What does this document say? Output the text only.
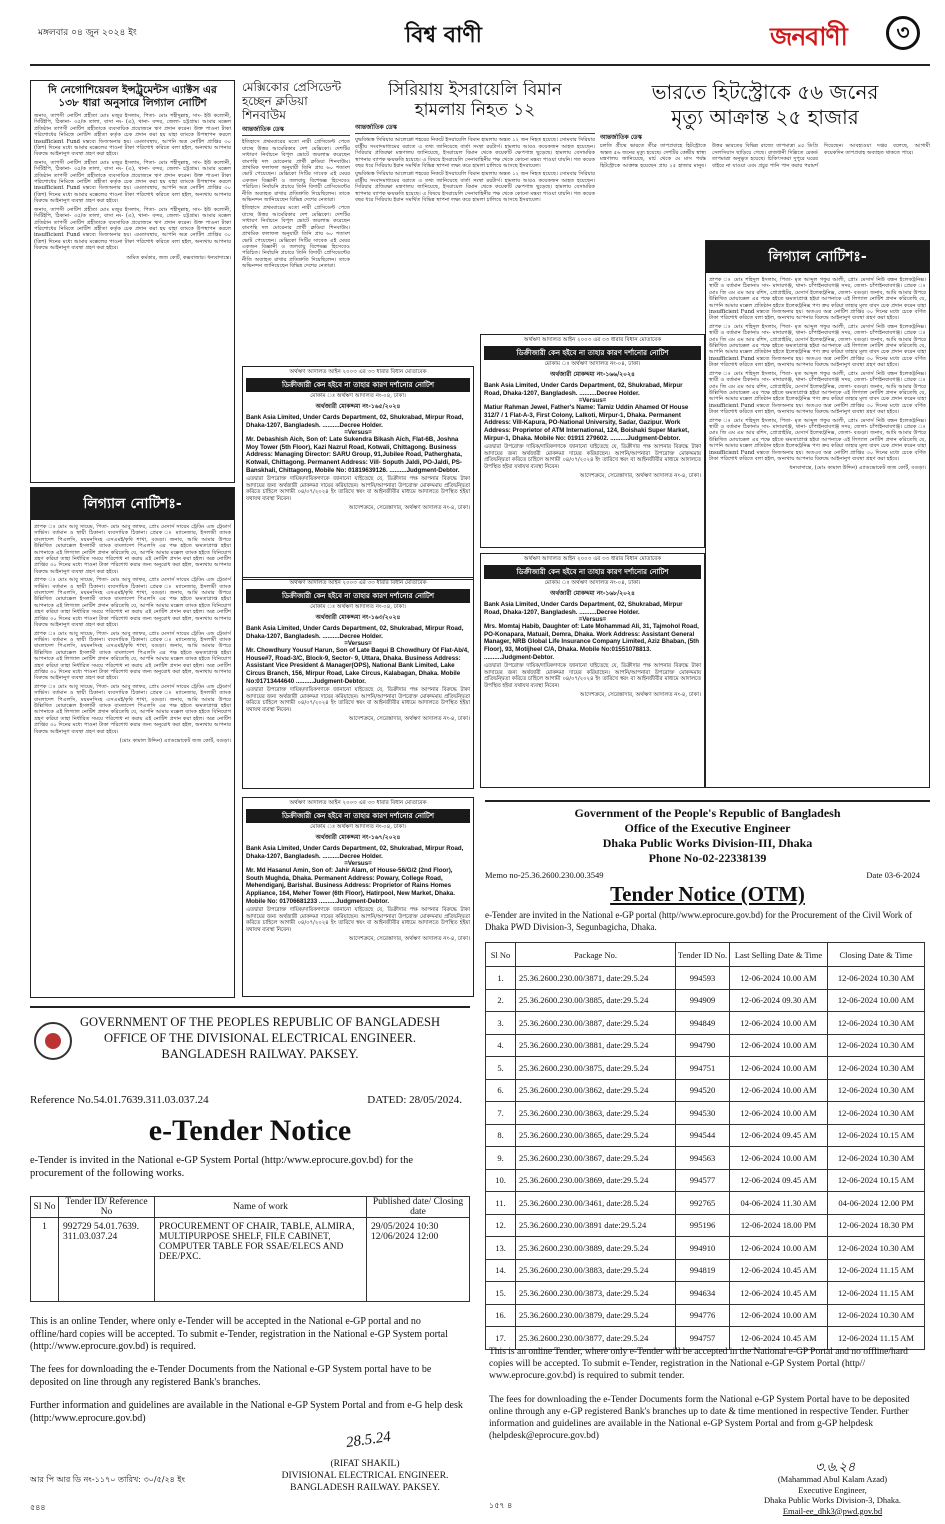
মঙ্গলবার ০৪ জুন ২০২৪ ইং	বিশ্ব বাণী	জনবাণী	৩
দি নেগোশিয়েবল ইন্সট্রুমেন্টস এ্যাক্টস এর
১৩৮ ধারা অনুসারে লিগ্যাল নোটিশ
জনাব, তাপসী নোটিশ প্রহীতা মোঃ মজুর ইসলাম, পিতা- মোঃ শহীদুল্লাহ, সাং- ইউ কলোনী, সিটিইপি, ঠিকানা- ৩৫/ক তালা, বাসা নং- (এ), থানা- বন্দর, জেলা- চট্টগ্রাম। আমার মক্কেল প্রতিষ্ঠান তাপসী নোটিশ গ্রহীতাকে ব্যবসায়িক প্রয়োজনে ঋণ প্রদান করেন। উক্ত পাওনা টাকা পরিশোধের নিমিত্তে নোটিশ গ্রহীতা কর্তৃক চেক প্রদান করা হয় যাহা ব্যাংকে উপস্থাপন করলে insufficient Fund মন্তব্যে ডিজঅনার হয়। এমতাবস্থায়, আপনি অত্র নোটিশ প্রাপ্তির ৩০ (ত্রিশ) দিনের মধ্যে আমার মক্কেলের পাওনা টাকা পরিশোধ করিতে বলা হইল, অন্যথায় আপনার বিরুদ্ধে আইনানুগ ব্যবস্থা গ্রহণ করা হইবে।
জনাব, তাপসী নোটিশ প্রহীতা মোঃ মজুর ইসলাম, পিতা- মোঃ শহীদুল্লাহ, সাং- ইউ কলোনী, সিটিইপি, ঠিকানা- ৩৫/ক তালা, বাসা নং- (এ), থানা- বন্দর, জেলা- চট্টগ্রাম। আমার মক্কেল প্রতিষ্ঠান তাপসী নোটিশ গ্রহীতাকে ব্যবসায়িক প্রয়োজনে ঋণ প্রদান করেন। উক্ত পাওনা টাকা পরিশোধের নিমিত্তে নোটিশ গ্রহীতা কর্তৃক চেক প্রদান করা হয় যাহা ব্যাংকে উপস্থাপন করলে insufficient Fund মন্তব্যে ডিজঅনার হয়। এমতাবস্থায়, আপনি অত্র নোটিশ প্রাপ্তির ৩০ (ত্রিশ) দিনের মধ্যে আমার মক্কেলের পাওনা টাকা পরিশোধ করিতে বলা হইল, অন্যথায় আপনার বিরুদ্ধে আইনানুগ ব্যবস্থা গ্রহণ করা হইবে।
জনাব, তাপসী নোটিশ প্রহীতা মোঃ মজুর ইসলাম, পিতা- মোঃ শহীদুল্লাহ, সাং- ইউ কলোনী, সিটিইপি, ঠিকানা- ৩৫/ক তালা, বাসা নং- (এ), থানা- বন্দর, জেলা- চট্টগ্রাম। আমার মক্কেল প্রতিষ্ঠান তাপসী নোটিশ গ্রহীতাকে ব্যবসায়িক প্রয়োজনে ঋণ প্রদান করেন। উক্ত পাওনা টাকা পরিশোধের নিমিত্তে নোটিশ গ্রহীতা কর্তৃক চেক প্রদান করা হয় যাহা ব্যাংকে উপস্থাপন করলে insufficient Fund মন্তব্যে ডিজঅনার হয়। এমতাবস্থায়, আপনি অত্র নোটিশ প্রাপ্তির ৩০ (ত্রিশ) দিনের মধ্যে আমার মক্কেলের পাওনা টাকা পরিশোধ করিতে বলা হইল, অন্যথায় আপনার বিরুদ্ধে আইনানুগ ব্যবস্থা গ্রহণ করা হইবে।
অমিত কর্মকার, জজ কোর্ট, কক্সবাজার। ধন্যবাদান্তে।
লিগ্যাল নোটিশঃ-
প্রাপক ঃ মোঃ আবু সায়েম, পিতা- মোঃ আবু জাফর, প্রোঃ মেসার্স সায়েম ট্রেডিং এন্ড ট্রেডার্স সার্ভিস। বর্তমান ও স্থায়ী ঠিকানা। ব্যবসায়িক ঠিকানা। প্রেরক ঃ ম্যানেজার, ইসলামী ব্যাংক বাংলাদেশ পিএলসি, ময়মনসিংহ এসএমই/কৃষি শাখা, বগুড়া। জনাব, আমি আমার উপরে উল্লিখিত মোয়াক্কেল ইসলামী ব্যাংক বাংলাদেশ পিএলসি এর পক্ষ হইতে ক্ষমতাপ্রাপ্ত হইয়া আপনাকে এই লিগ্যাল নোটিশ প্রদান করিতেছি যে, আপনি আমার মক্কেল ব্যাংক হইতে বিনিয়োগ গ্রহণ করিয়া তাহা নির্ধারিত সময়ে পরিশোধ না করায় এই নোটিশ প্রদান করা হইল। অত্র নোটিশ প্রাপ্তির ৩০ দিনের মধ্যে পাওনা টাকা পরিশোধ করার জন্য অনুরোধ করা হইল, অন্যথায় আপনার বিরুদ্ধে আইনানুগ ব্যবস্থা গ্রহণ করা হইবে।
প্রাপক ঃ মোঃ আবু সায়েম, পিতা- মোঃ আবু জাফর, প্রোঃ মেসার্স সায়েম ট্রেডিং এন্ড ট্রেডার্স সার্ভিস। বর্তমান ও স্থায়ী ঠিকানা। ব্যবসায়িক ঠিকানা। প্রেরক ঃ ম্যানেজার, ইসলামী ব্যাংক বাংলাদেশ পিএলসি, ময়মনসিংহ এসএমই/কৃষি শাখা, বগুড়া। জনাব, আমি আমার উপরে উল্লিখিত মোয়াক্কেল ইসলামী ব্যাংক বাংলাদেশ পিএলসি এর পক্ষ হইতে ক্ষমতাপ্রাপ্ত হইয়া আপনাকে এই লিগ্যাল নোটিশ প্রদান করিতেছি যে, আপনি আমার মক্কেল ব্যাংক হইতে বিনিয়োগ গ্রহণ করিয়া তাহা নির্ধারিত সময়ে পরিশোধ না করায় এই নোটিশ প্রদান করা হইল। অত্র নোটিশ প্রাপ্তির ৩০ দিনের মধ্যে পাওনা টাকা পরিশোধ করার জন্য অনুরোধ করা হইল, অন্যথায় আপনার বিরুদ্ধে আইনানুগ ব্যবস্থা গ্রহণ করা হইবে।
প্রাপক ঃ মোঃ আবু সায়েম, পিতা- মোঃ আবু জাফর, প্রোঃ মেসার্স সায়েম ট্রেডিং এন্ড ট্রেডার্স সার্ভিস। বর্তমান ও স্থায়ী ঠিকানা। ব্যবসায়িক ঠিকানা। প্রেরক ঃ ম্যানেজার, ইসলামী ব্যাংক বাংলাদেশ পিএলসি, ময়মনসিংহ এসএমই/কৃষি শাখা, বগুড়া। জনাব, আমি আমার উপরে উল্লিখিত মোয়াক্কেল ইসলামী ব্যাংক বাংলাদেশ পিএলসি এর পক্ষ হইতে ক্ষমতাপ্রাপ্ত হইয়া আপনাকে এই লিগ্যাল নোটিশ প্রদান করিতেছি যে, আপনি আমার মক্কেল ব্যাংক হইতে বিনিয়োগ গ্রহণ করিয়া তাহা নির্ধারিত সময়ে পরিশোধ না করায় এই নোটিশ প্রদান করা হইল। অত্র নোটিশ প্রাপ্তির ৩০ দিনের মধ্যে পাওনা টাকা পরিশোধ করার জন্য অনুরোধ করা হইল, অন্যথায় আপনার বিরুদ্ধে আইনানুগ ব্যবস্থা গ্রহণ করা হইবে।
প্রাপক ঃ মোঃ আবু সায়েম, পিতা- মোঃ আবু জাফর, প্রোঃ মেসার্স সায়েম ট্রেডিং এন্ড ট্রেডার্স সার্ভিস। বর্তমান ও স্থায়ী ঠিকানা। ব্যবসায়িক ঠিকানা। প্রেরক ঃ ম্যানেজার, ইসলামী ব্যাংক বাংলাদেশ পিএলসি, ময়মনসিংহ এসএমই/কৃষি শাখা, বগুড়া। জনাব, আমি আমার উপরে উল্লিখিত মোয়াক্কেল ইসলামী ব্যাংক বাংলাদেশ পিএলসি এর পক্ষ হইতে ক্ষমতাপ্রাপ্ত হইয়া আপনাকে এই লিগ্যাল নোটিশ প্রদান করিতেছি যে, আপনি আমার মক্কেল ব্যাংক হইতে বিনিয়োগ গ্রহণ করিয়া তাহা নির্ধারিত সময়ে পরিশোধ না করায় এই নোটিশ প্রদান করা হইল। অত্র নোটিশ প্রাপ্তির ৩০ দিনের মধ্যে পাওনা টাকা পরিশোধ করার জন্য অনুরোধ করা হইল, অন্যথায় আপনার বিরুদ্ধে আইনানুগ ব্যবস্থা গ্রহণ করা হইবে।
(মোঃ কামাল উদ্দিন) এ্যাডভোকেট জজ কোর্ট, বগুড়া।
মেক্সিকোর প্রেসিডেন্ট হচ্ছেন ক্লডিয়া শিনবাউম
আন্তর্জাতিক ডেস্ক
ইতিহাসে প্রথমবারের মতো নারী প্রেসিডেন্ট পেতে যাচ্ছে উত্তর আমেরিকার দেশ মেক্সিকো। দেশটির সাধারণ নির্বাচনে বিপুল ভোটে জয়লাভ করেছেন বামপন্থি দল মোরেনার প্রার্থী ক্লডিয়া শিনবাউম। প্রাথমিক ফলাফল অনুযায়ী তিনি প্রায় ৬০ শতাংশ ভোট পেয়েছেন। মেক্সিকো সিটির সাবেক এই মেয়র একজন বিজ্ঞানী ও জলবায়ু বিশেষজ্ঞ হিসেবেও পরিচিত। নির্বাচনি প্রচারে তিনি বিদায়ী প্রেসিডেন্টের নীতি অব্যাহত রাখার প্রতিশ্রুতি দিয়েছিলেন। তাকে অভিনন্দন জানিয়েছেন বিভিন্ন দেশের নেতারা।
ইতিহাসে প্রথমবারের মতো নারী প্রেসিডেন্ট পেতে যাচ্ছে উত্তর আমেরিকার দেশ মেক্সিকো। দেশটির সাধারণ নির্বাচনে বিপুল ভোটে জয়লাভ করেছেন বামপন্থি দল মোরেনার প্রার্থী ক্লডিয়া শিনবাউম। প্রাথমিক ফলাফল অনুযায়ী তিনি প্রায় ৬০ শতাংশ ভোট পেয়েছেন। মেক্সিকো সিটির সাবেক এই মেয়র একজন বিজ্ঞানী ও জলবায়ু বিশেষজ্ঞ হিসেবেও পরিচিত। নির্বাচনি প্রচারে তিনি বিদায়ী প্রেসিডেন্টের নীতি অব্যাহত রাখার প্রতিশ্রুতি দিয়েছিলেন। তাকে অভিনন্দন জানিয়েছেন বিভিন্ন দেশের নেতারা।
সিরিয়ায় ইসরায়েলি বিমান
হামলায় নিহত ১২
আন্তর্জাতিক ডেস্ক
যুদ্ধবিধ্বস্ত সিরিয়ার আলেপ্পো শহরের নিকটে ইসরায়েলি বিমান হামলায় অন্তত ১২ জন নিহত হয়েছে। সোমবার সিরিয়ার রাষ্ট্রীয় সংবাদমাধ্যমের বরাতে এ তথ্য জানিয়েছে বার্তা সংস্থা রয়টার্স। হামলায় আরও কয়েকজন আহত হয়েছেন। সিরিয়ার প্রতিরক্ষা মন্ত্রণালয় জানিয়েছে, ইসরায়েল বিমান থেকে কয়েকটি ক্ষেপণাস্ত্র ছুড়েছে। হামলায় বেসামরিক স্থাপনার ব্যাপক ক্ষয়ক্ষতি হয়েছে। এ বিষয়ে ইসরায়েলি সেনাবাহিনীর পক্ষ থেকে কোনো মন্তব্য পাওয়া যায়নি। গত কয়েক বছর ধরে সিরিয়ায় ইরান সমর্থিত বিভিন্ন স্থাপনা লক্ষ্য করে হামলা চালিয়ে আসছে ইসরায়েল।
যুদ্ধবিধ্বস্ত সিরিয়ার আলেপ্পো শহরের নিকটে ইসরায়েলি বিমান হামলায় অন্তত ১২ জন নিহত হয়েছে। সোমবার সিরিয়ার রাষ্ট্রীয় সংবাদমাধ্যমের বরাতে এ তথ্য জানিয়েছে বার্তা সংস্থা রয়টার্স। হামলায় আরও কয়েকজন আহত হয়েছেন। সিরিয়ার প্রতিরক্ষা মন্ত্রণালয় জানিয়েছে, ইসরায়েল বিমান থেকে কয়েকটি ক্ষেপণাস্ত্র ছুড়েছে। হামলায় বেসামরিক স্থাপনার ব্যাপক ক্ষয়ক্ষতি হয়েছে। এ বিষয়ে ইসরায়েলি সেনাবাহিনীর পক্ষ থেকে কোনো মন্তব্য পাওয়া যায়নি। গত কয়েক বছর ধরে সিরিয়ায় ইরান সমর্থিত বিভিন্ন স্থাপনা লক্ষ্য করে হামলা চালিয়ে আসছে ইসরায়েল।
ভারতে হিটস্ট্রোকে ৫৬ জনের
মৃত্যু আক্রান্ত ২৫ হাজার
আন্তর্জাতিক ডেস্ক
চলতি গ্রীষ্মে ভারতে তীব্র তাপপ্রবাহে হিটস্ট্রোকে অন্তত ৫৬ জনের মৃত্যু হয়েছে। দেশটির কেন্দ্রীয় স্বাস্থ্য মন্ত্রণালয় জানিয়েছে, মার্চ থেকে মে মাস পর্যন্ত হিটস্ট্রোকে আক্রান্ত হয়েছেন প্রায় ২৫ হাজার মানুষ। উত্তর ভারতের বিভিন্ন রাজ্যে তাপমাত্রা ৪৫ ডিগ্রি সেলসিয়াস ছাড়িয়ে গেছে। রাজধানী দিল্লিতে রেকর্ড তাপমাত্রা অনুভূত হয়েছে। চিকিৎসকরা দুপুরে ঘরের বাইরে না যাওয়া এবং প্রচুর পানি পান করার পরামর্শ দিয়েছেন। আবহাওয়া দপ্তর বলেছে, আগামী কয়েকদিন তাপপ্রবাহ অব্যাহত থাকতে পারে।
লিগ্যাল নোটিশঃ-
প্রাপক ঃ মোঃ শহিদুল ইসলাম, পিতা- মৃত আব্দুল গফুর আলী, প্রোঃ মেসার্স নিউ বন্ধন ইলেকট্রনিক্স। স্থায়ী ও বর্তমান ঠিকানাঃ সাং- মাদারগঞ্জ, থানা- চাঁপাইনবাবগঞ্জ সদর, জেলা- চাঁপাইনবাবগঞ্জ। প্রেরক ঃ মোঃ জি এম এম আর রশিদ, প্রোপ্রাইটর, মেসার্স ইলেকট্রনিক্স, জেলা- বগুড়া। জনাব, আমি আমার উপরে উল্লিখিত মোয়াক্কেল এর পক্ষে হইতে ক্ষমতাপ্রাপ্ত হইয়া আপনাকে এই লিগ্যাল নোটিশ প্রদান করিতেছি যে, আপনি আমার মক্কেল প্রতিষ্ঠান হইতে ইলেকট্রনিক্স পণ্য ক্রয় করিয়া তাহার মূল্য বাবদ চেক প্রদান করেন যাহা insufficient Fund মন্তব্যে ডিজঅনার হয়। অতএব অত্র নোটিশ প্রাপ্তির ৩০ দিনের মধ্যে চেকে বর্ণিত টাকা পরিশোধ করিতে বলা হইল, অন্যথায় আপনার বিরুদ্ধে আইনানুগ ব্যবস্থা গ্রহণ করা হইবে।
প্রাপক ঃ মোঃ শহিদুল ইসলাম, পিতা- মৃত আব্দুল গফুর আলী, প্রোঃ মেসার্স নিউ বন্ধন ইলেকট্রনিক্স। স্থায়ী ও বর্তমান ঠিকানাঃ সাং- মাদারগঞ্জ, থানা- চাঁপাইনবাবগঞ্জ সদর, জেলা- চাঁপাইনবাবগঞ্জ। প্রেরক ঃ মোঃ জি এম এম আর রশিদ, প্রোপ্রাইটর, মেসার্স ইলেকট্রনিক্স, জেলা- বগুড়া। জনাব, আমি আমার উপরে উল্লিখিত মোয়াক্কেল এর পক্ষে হইতে ক্ষমতাপ্রাপ্ত হইয়া আপনাকে এই লিগ্যাল নোটিশ প্রদান করিতেছি যে, আপনি আমার মক্কেল প্রতিষ্ঠান হইতে ইলেকট্রনিক্স পণ্য ক্রয় করিয়া তাহার মূল্য বাবদ চেক প্রদান করেন যাহা insufficient Fund মন্তব্যে ডিজঅনার হয়। অতএব অত্র নোটিশ প্রাপ্তির ৩০ দিনের মধ্যে চেকে বর্ণিত টাকা পরিশোধ করিতে বলা হইল, অন্যথায় আপনার বিরুদ্ধে আইনানুগ ব্যবস্থা গ্রহণ করা হইবে।
প্রাপক ঃ মোঃ শহিদুল ইসলাম, পিতা- মৃত আব্দুল গফুর আলী, প্রোঃ মেসার্স নিউ বন্ধন ইলেকট্রনিক্স। স্থায়ী ও বর্তমান ঠিকানাঃ সাং- মাদারগঞ্জ, থানা- চাঁপাইনবাবগঞ্জ সদর, জেলা- চাঁপাইনবাবগঞ্জ। প্রেরক ঃ মোঃ জি এম এম আর রশিদ, প্রোপ্রাইটর, মেসার্স ইলেকট্রনিক্স, জেলা- বগুড়া। জনাব, আমি আমার উপরে উল্লিখিত মোয়াক্কেল এর পক্ষে হইতে ক্ষমতাপ্রাপ্ত হইয়া আপনাকে এই লিগ্যাল নোটিশ প্রদান করিতেছি যে, আপনি আমার মক্কেল প্রতিষ্ঠান হইতে ইলেকট্রনিক্স পণ্য ক্রয় করিয়া তাহার মূল্য বাবদ চেক প্রদান করেন যাহা insufficient Fund মন্তব্যে ডিজঅনার হয়। অতএব অত্র নোটিশ প্রাপ্তির ৩০ দিনের মধ্যে চেকে বর্ণিত টাকা পরিশোধ করিতে বলা হইল, অন্যথায় আপনার বিরুদ্ধে আইনানুগ ব্যবস্থা গ্রহণ করা হইবে।
প্রাপক ঃ মোঃ শহিদুল ইসলাম, পিতা- মৃত আব্দুল গফুর আলী, প্রোঃ মেসার্স নিউ বন্ধন ইলেকট্রনিক্স। স্থায়ী ও বর্তমান ঠিকানাঃ সাং- মাদারগঞ্জ, থানা- চাঁপাইনবাবগঞ্জ সদর, জেলা- চাঁপাইনবাবগঞ্জ। প্রেরক ঃ মোঃ জি এম এম আর রশিদ, প্রোপ্রাইটর, মেসার্স ইলেকট্রনিক্স, জেলা- বগুড়া। জনাব, আমি আমার উপরে উল্লিখিত মোয়াক্কেল এর পক্ষে হইতে ক্ষমতাপ্রাপ্ত হইয়া আপনাকে এই লিগ্যাল নোটিশ প্রদান করিতেছি যে, আপনি আমার মক্কেল প্রতিষ্ঠান হইতে ইলেকট্রনিক্স পণ্য ক্রয় করিয়া তাহার মূল্য বাবদ চেক প্রদান করেন যাহা insufficient Fund মন্তব্যে ডিজঅনার হয়। অতএব অত্র নোটিশ প্রাপ্তির ৩০ দিনের মধ্যে চেকে বর্ণিত টাকা পরিশোধ করিতে বলা হইল, অন্যথায় আপনার বিরুদ্ধে আইনানুগ ব্যবস্থা গ্রহণ করা হইবে।
ধন্যবাদান্তে, (মোঃ কামাল উদ্দিন) এ্যাডভোকেট জজ কোর্ট, বগুড়া।
অর্থঋণ আদালত আইন ২০০৩ এর ৩৩ ধারার বিধান মোতাবেক
ডিক্রীজারী কেন হইবে না তাহার কারণ দর্শানোর নোটিশ
মোকাম ঃ অর্থঋণ আদালত নং-০৪, ঢাকা।
অর্থজারী মোকদ্দমা নং-১৬৫/২০২৪
Bank Asia Limited, Under Cards Department, 02, Shukrabad, Mirpur Road, Dhaka-1207, Bangladesh. ..........Decree Holder.
=Versus=
Mr. Debashish Aich, Son of: Late Sukendra Bikash Aich, Flat-6B, Joshna Moy Tower (5th Floor), Kazi Nazrul Road, Kotwali, Chittagong. Business Address: Managing Director: SARU Group, 91,Jubilee Road, Patherghata, Kotwali, Chittagong. Permanent Address: Vill- Soputh Jaldi, PO-Jaldi, PS-Banskhali, Chittagong, Mobile No: 01819639126. ..........Judgment-Debtor.
এতদ্বারা উপরোক্ত দায়িক/দায়িকগণকে জানানো যাইতেছে যে, ডিক্রীদার পক্ষ আপনার বিরুদ্ধে টাকা আদায়ের জন্য অর্থজারী মোকদ্দমা দায়ের করিয়াছেন। আপনি/আপনারা উপরোক্ত মোকদ্দমায় প্রতিদ্বন্দ্বিতা করিতে চাহিলে আগামী ০৪/০৭/২০২৪ ইং তারিখে স্বয়ং বা আইনজীবীর মাধ্যমে আদালতে উপস্থিত হইয়া যথাযথ ব্যবস্থা নিবেন।
আদেশক্রমে, সেরেস্তাদার, অর্থঋণ আদালত নং-৪, ঢাকা।
অর্থঋণ আদালত আইন ২০০৩ এর ৩৩ ধারার বিধান মোতাবেক
ডিক্রীজারী কেন হইবে না তাহার কারণ দর্শানোর নোটিশ
মোকাম ঃ অর্থঋণ আদালত নং-০৪, ঢাকা।
অর্থজারী মোকদ্দমা নং-১৬৬/২০২৪
Bank Asia Limited, Under Cards Department, 02, Shukrabad, Mirpur Road, Dhaka-1207, Bangladesh. ..........Decree Holder.
=Versus=
Matiur Rahman Jewel, Father's Name: Tamiz Uddin Ahamed Of House 312/7 / 1 Flat-A-3, First Colony, Lalkoti, Mirpur-1, Dhaka. Permanent Address: Vill-Kapura, PO-National University, Sadar, Gazipur. Work Address: Proprietor of ATM International, 124, Boishaki Super Market, Mirpur-1, Dhaka. Mobile No: 01911 279602. ..........Judgment-Debtor.
এতদ্বারা উপরোক্ত দায়িক/দায়িকগণকে জানানো যাইতেছে যে, ডিক্রীদার পক্ষ আপনার বিরুদ্ধে টাকা আদায়ের জন্য অর্থজারী মোকদ্দমা দায়ের করিয়াছেন। আপনি/আপনারা উপরোক্ত মোকদ্দমায় প্রতিদ্বন্দ্বিতা করিতে চাহিলে আগামী ০৪/০৭/২০২৪ ইং তারিখে স্বয়ং বা আইনজীবীর মাধ্যমে আদালতে উপস্থিত হইয়া যথাযথ ব্যবস্থা নিবেন।
আদেশক্রমে, সেরেস্তাদার, অর্থঋণ আদালত নং-৪, ঢাকা।
অর্থঋণ আদালত আইন ২০০৩ এর ৩৩ ধারার বিধান মোতাবেক
ডিক্রীজারী কেন হইবে না তাহার কারণ দর্শানোর নোটিশ
মোকাম ঃ অর্থঋণ আদালত নং-০৪, ঢাকা।
অর্থজারী মোকদ্দমা নং-১৬৩/২০২৪
Bank Asia Limited, Under Cards Department, 02, Shukrabad, Mirpur Road, Dhaka-1207, Bangladesh. ..........Decree Holder.
=Versus=
Mr. Chowdhury Yousuf Harun, Son of Late Baqui B Chowdhury Of Flat-Ab/4, House#7, Road-3/C, Block-9, Sector- 9, Uttara, Dhaka. Business Address: Assistant Vice President & Manager(OPS), National Bank Limited, Lake Circus Branch, 156, Mirpur Road, Lake Circus, Kalabagan, Dhaka. Mobile No:01713444640 ..........Judgment-Debtor.
এতদ্বারা উপরোক্ত দায়িক/দায়িকগণকে জানানো যাইতেছে যে, ডিক্রীদার পক্ষ আপনার বিরুদ্ধে টাকা আদায়ের জন্য অর্থজারী মোকদ্দমা দায়ের করিয়াছেন। আপনি/আপনারা উপরোক্ত মোকদ্দমায় প্রতিদ্বন্দ্বিতা করিতে চাহিলে আগামী ০৪/০৭/২০২৪ ইং তারিখে স্বয়ং বা আইনজীবীর মাধ্যমে আদালতে উপস্থিত হইয়া যথাযথ ব্যবস্থা নিবেন।
আদেশক্রমে, সেরেস্তাদার, অর্থঋণ আদালত নং-৪, ঢাকা।
অর্থঋণ আদালত আইন ২০০৩ এর ৩৩ ধারার বিধান মোতাবেক
ডিক্রীজারী কেন হইবে না তাহার কারণ দর্শানোর নোটিশ
মোকাম ঃ অর্থঋণ আদালত নং-০৪, ঢাকা।
অর্থজারী মোকদ্দমা নং-১৬৮/২০২৪
Bank Asia Limited, Under Cards Department, 02, Shukrabad, Mirpur Road, Dhaka-1207, Bangladesh. ..........Decree Holder.
=Versus=
Mrs. Momtaj Habib, Daughter of: Late Mohammad Ali, 31, Tajmohol Road, PO-Konapara, Matuail, Demra, Dhaka. Work Address: Assistant General Manager, NRB Global Life Insurance Company Limited, Aziz Bhaban, (5th Floor), 93, Motijheel C/A, Dhaka. Mobile No:01551078813. ..........Judgment-Debtor.
এতদ্বারা উপরোক্ত দায়িক/দায়িকগণকে জানানো যাইতেছে যে, ডিক্রীদার পক্ষ আপনার বিরুদ্ধে টাকা আদায়ের জন্য অর্থজারী মোকদ্দমা দায়ের করিয়াছেন। আপনি/আপনারা উপরোক্ত মোকদ্দমায় প্রতিদ্বন্দ্বিতা করিতে চাহিলে আগামী ০৪/০৭/২০২৪ ইং তারিখে স্বয়ং বা আইনজীবীর মাধ্যমে আদালতে উপস্থিত হইয়া যথাযথ ব্যবস্থা নিবেন।
আদেশক্রমে, সেরেস্তাদার, অর্থঋণ আদালত নং-৪, ঢাকা।
অর্থঋণ আদালত আইন ২০০৩ এর ৩৩ ধারার বিধান মোতাবেক
ডিক্রীজারী কেন হইবে না তাহার কারণ দর্শানোর নোটিশ
মোকাম ঃ অর্থঋণ আদালত নং-০৪, ঢাকা।
অর্থজারী মোকদ্দমা নং-১৬৭/২০২৪
Bank Asia Limited, Under Cards Department, 02, Shukrabad, Mirpur Road, Dhaka-1207, Bangladesh. ..........Decree Holder.
=Versus=
Mr. Md Hasanul Amin, Son of: Jahir Alam, of House-56/G/2 (2nd Floor), South Mughda, Dhaka. Permanent Address: Powary, College Road, Mehendiganj, Barishal. Business Address: Proprietor of Rains Homes Appliance, 164, Meher Tower (6th Floor), Hatirpool, New Market, Dhaka. Mobile No: 01706681233 ..........Judgment-Debtor.
এতদ্বারা উপরোক্ত দায়িক/দায়িকগণকে জানানো যাইতেছে যে, ডিক্রীদার পক্ষ আপনার বিরুদ্ধে টাকা আদায়ের জন্য অর্থজারী মোকদ্দমা দায়ের করিয়াছেন। আপনি/আপনারা উপরোক্ত মোকদ্দমায় প্রতিদ্বন্দ্বিতা করিতে চাহিলে আগামী ০৪/০৭/২০২৪ ইং তারিখে স্বয়ং বা আইনজীবীর মাধ্যমে আদালতে উপস্থিত হইয়া যথাযথ ব্যবস্থা নিবেন।
আদেশক্রমে, সেরেস্তাদার, অর্থঋণ আদালত নং-৪, ঢাকা।
GOVERNMENT OF THE PEOPLES REPUBLIC OF BANGLADESH
OFFICE OF THE DIVISIONAL ELECTRICAL ENGINEER.
BANGLADESH RAILWAY. PAKSEY.
Reference No.54.01.7639.311.03.037.24	DATED: 28/05/2024.
e-Tender Notice
e-Tender is invited in the National e-GP System Portal (http:/www.eprocure.gov.bd) for the procurement of the following works.
Sl No	Tender ID/ Reference No	Name of work	Published date/ Closing date
1	992729 54.01.7639. 311.03.037.24	PROCUREMENT OF CHAIR, TABLE, ALMIRA, MULTIPURPOSE SHELF, FILE CABINET, COMPUTER TABLE FOR SSAE/ELECS AND DEE/PXC.	29/05/2024 10:30 12/06/2024 12:00
This is an online Tender, where only e-Tender will be accepted in the National e-GP portal and no offline/hard copies will be accepted. To submit e-Tender, registration in the National e-GP System portal (http://www.eprocure.gov.bd) is required.
The fees for downloading the e-Tender Documents from the National e-GP System portal have to be deposited on line through any registered Bank's branches.
Further information and guidelines are available in the National e-GP System Portal and from e-G help desk (http:/www.eprocure.gov.bd)
28.5.24
(RIFAT SHAKIL)
DIVISIONAL ELECTRICAL ENGINEER.
BANGLADESH RAILWAY. PAKSEY.
আর পি আর ডি নং-১১৭০ তারিখ: ৩০/৫/২৪ ইং
৫৪৪
Government of the People's Republic of Bangladesh
Office of the Executive Engineer
Dhaka Public Works Division-III, Dhaka
Phone No-02-22338139
Memo no-25.36.2600.230.00.3549	Date 03-6-2024
Tender Notice (OTM)
e-Tender are invited in the National e-GP portal (http//www.eprocure.gov.bd) for the Procurement of the Civil Work of Dhaka PWD Division-3, Segunbagicha, Dhaka.
Sl No	Package No.	Tender ID No.	Last Selling Date & Time	Closing Date & Time
1.	25.36.2600.230.00/3871, date:29.5.24	994593	12-06-2024 10.00 AM	12-06-2024 10.30 AM
2.	25.36.2600.230.00/3885, date:29.5.24	994909	12-06-2024 09.30 AM	12-06-2024 10.00 AM
3.	25.36.2600.230.00/3887, date:29.5.24	994849	12-06-2024 10.00 AM	12-06-2024 10.30 AM
4.	25.36.2600.230.00/3881, date:29.5.24	994790	12-06-2024 10.00 AM	12-06-2024 10.30 AM
5.	25.36.2600.230.00/3875, date:29.5.24	994751	12-06-2024 10.00 AM	12-06-2024 10.30 AM
6.	25.36.2600.230.00/3862, date:29.5.24	994520	12-06-2024 10.00 AM	12-06-2024 10.30 AM
7.	25.36.2600.230.00/3863, date:29.5.24	994530	12-06-2024 10.00 AM	12-06-2024 10.30 AM
8.	25.36.2600.230.00/3865, date:29.5.24	994544	12-06-2024 09.45 AM	12-06-2024 10.15 AM
9.	25.36.2600.230.00/3867, date:29.5.24	994563	12-06-2024 10.00 AM	12-06-2024 10.30 AM
10.	25.36.2600.230.00/3869, date:29.5.24	994577	12-06-2024 09.45 AM	12-06-2024 10.15 AM
11.	25.36.2600.230.00/3461, date:28.5.24	992765	04-06-2024 11.30 AM	04-06-2024 12.00 PM
12.	25.36.2600.230.00/3891 date:29.5.24	995196	12-06-2024 18.00 PM	12-06-2024 18.30 PM
13.	25.36.2600.230.00/3889, date:29.5.24	994910	12-06-2024 10.00 AM	12-06-2024 10.30 AM
14.	25.36.2600.230.00/3883, date:29.5.24	994819	12-06-2024 10.45 AM	12-06-2024 11.15 AM
15.	25.36.2600.230.00/3873, date:29.5.24	994634	12-06-2024 10.45 AM	12-06-2024 11.15 AM
16.	25.36.2600.230.00/3879, date:29.5.24	994776	12-06-2024 10.00 AM	12-06-2024 10.30 AM
17.	25.36.2600.230.00/3877, date:29.5.24	994757	12-06-2024 10.45 AM	12-06-2024 11.15 AM
This is an online Tender, where only e-Tender will be accepted in the National e-GP Portal and no offline/hard copies will be accepted. To submit e-Tender, registration in the National e-GP System Portal (http// www.eprocure.gov.bd) is required to submit tender.
The fees for downloading the e-Tender Documents form the National e-GP System Portal have to be deposited online through any e-GP registered Bank's branches up to date & time mentioned in respective Tender. Further information and guidelines are available in the National e-GP System Portal and from g-GP helpdesk (helpdesk@eprocure.gov.bd)
৩.৬.২৪
(Mahammad Abul Kalam Azad)
Executive Engineer,
Dhaka Public Works Division-3, Dhaka.
Email-ee_dhk3@pwd.gov.bd
১৫৭ ৪
